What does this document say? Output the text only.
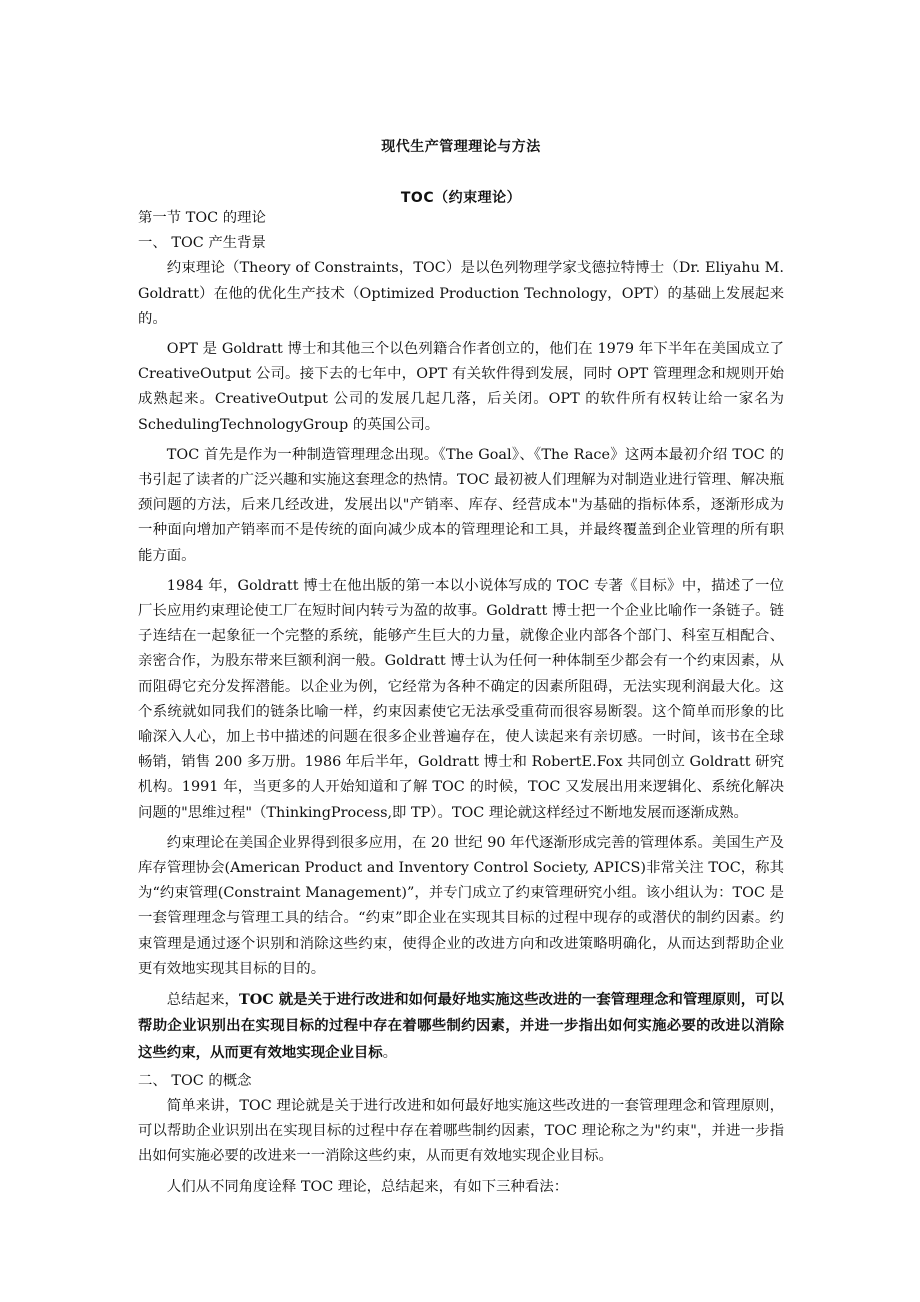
现代生产管理理论与方法
TOC（约束理论）

第一节 TOC 的理论

一、 TOC 产生背景

约束理论（Theory of Constraints，TOC）是以色列物理学家戈德拉特博士（Dr. Eliyahu M. Goldratt）在他的优化生产技术（Optimized Production Technology，OPT）的基础上发展起来的。

OPT 是 Goldratt 博士和其他三个以色列籍合作者创立的，他们在 1979 年下半年在美国成立了 CreativeOutput 公司。接下去的七年中，OPT 有关软件得到发展，同时 OPT 管理理念和规则开始成熟起来。CreativeOutput 公司的发展几起几落，后关闭。OPT 的软件所有权转让给一家名为 SchedulingTechnologyGroup 的英国公司。

TOC 首先是作为一种制造管理理念出现。《The Goal》、《The Race》这两本最初介绍 TOC 的书引起了读者的广泛兴趣和实施这套理念的热情。TOC 最初被人们理解为对制造业进行管理、解决瓶颈问题的方法，后来几经改进，发展出以"产销率、库存、经营成本"为基础的指标体系，逐渐形成为一种面向增加产销率而不是传统的面向减少成本的管理理论和工具，并最终覆盖到企业管理的所有职能方面。

1984 年，Goldratt 博士在他出版的第一本以小说体写成的 TOC 专著《目标》中，描述了一位厂长应用约束理论使工厂在短时间内转亏为盈的故事。Goldratt 博士把一个企业比喻作一条链子。链子连结在一起象征一个完整的系统，能够产生巨大的力量，就像企业内部各个部门、科室互相配合、亲密合作，为股东带来巨额利润一般。Goldratt 博士认为任何一种体制至少都会有一个约束因素，从而阻碍它充分发挥潜能。以企业为例，它经常为各种不确定的因素所阻碍，无法实现利润最大化。这个系统就如同我们的链条比喻一样，约束因素使它无法承受重荷而很容易断裂。这个简单而形象的比喻深入人心，加上书中描述的问题在很多企业普遍存在，使人读起来有亲切感。一时间，该书在全球畅销，销售 200 多万册。1986 年后半年，Goldratt 博士和 RobertE.Fox 共同创立 Goldratt 研究机构。1991 年，当更多的人开始知道和了解 TOC 的时候，TOC 又发展出用来逻辑化、系统化解决问题的"思维过程"（ThinkingProcess,即 TP）。TOC 理论就这样经过不断地发展而逐渐成熟。

约束理论在美国企业界得到很多应用，在 20 世纪 90 年代逐渐形成完善的管理体系。美国生产及库存管理协会(American Product and Inventory Control Society, APICS)非常关注 TOC，称其为“约束管理(Constraint Management)”，并专门成立了约束管理研究小组。该小组认为：TOC 是一套管理理念与管理工具的结合。“约束”即企业在实现其目标的过程中现存的或潜伏的制约因素。约束管理是通过逐个识别和消除这些约束，使得企业的改进方向和改进策略明确化，从而达到帮助企业更有效地实现其目标的目的。

总结起来，TOC 就是关于进行改进和如何最好地实施这些改进的一套管理理念和管理原则，可以帮助企业识别出在实现目标的过程中存在着哪些制约因素，并进一步指出如何实施必要的改进以消除这些约束，从而更有效地实现企业目标。

二、 TOC 的概念

简单来讲，TOC 理论就是关于进行改进和如何最好地实施这些改进的一套管理理念和管理原则，可以帮助企业识别出在实现目标的过程中存在着哪些制约因素，TOC 理论称之为"约束"，并进一步指出如何实施必要的改进来一一消除这些约束，从而更有效地实现企业目标。

人们从不同角度诠释 TOC 理论，总结起来，有如下三种看法：
